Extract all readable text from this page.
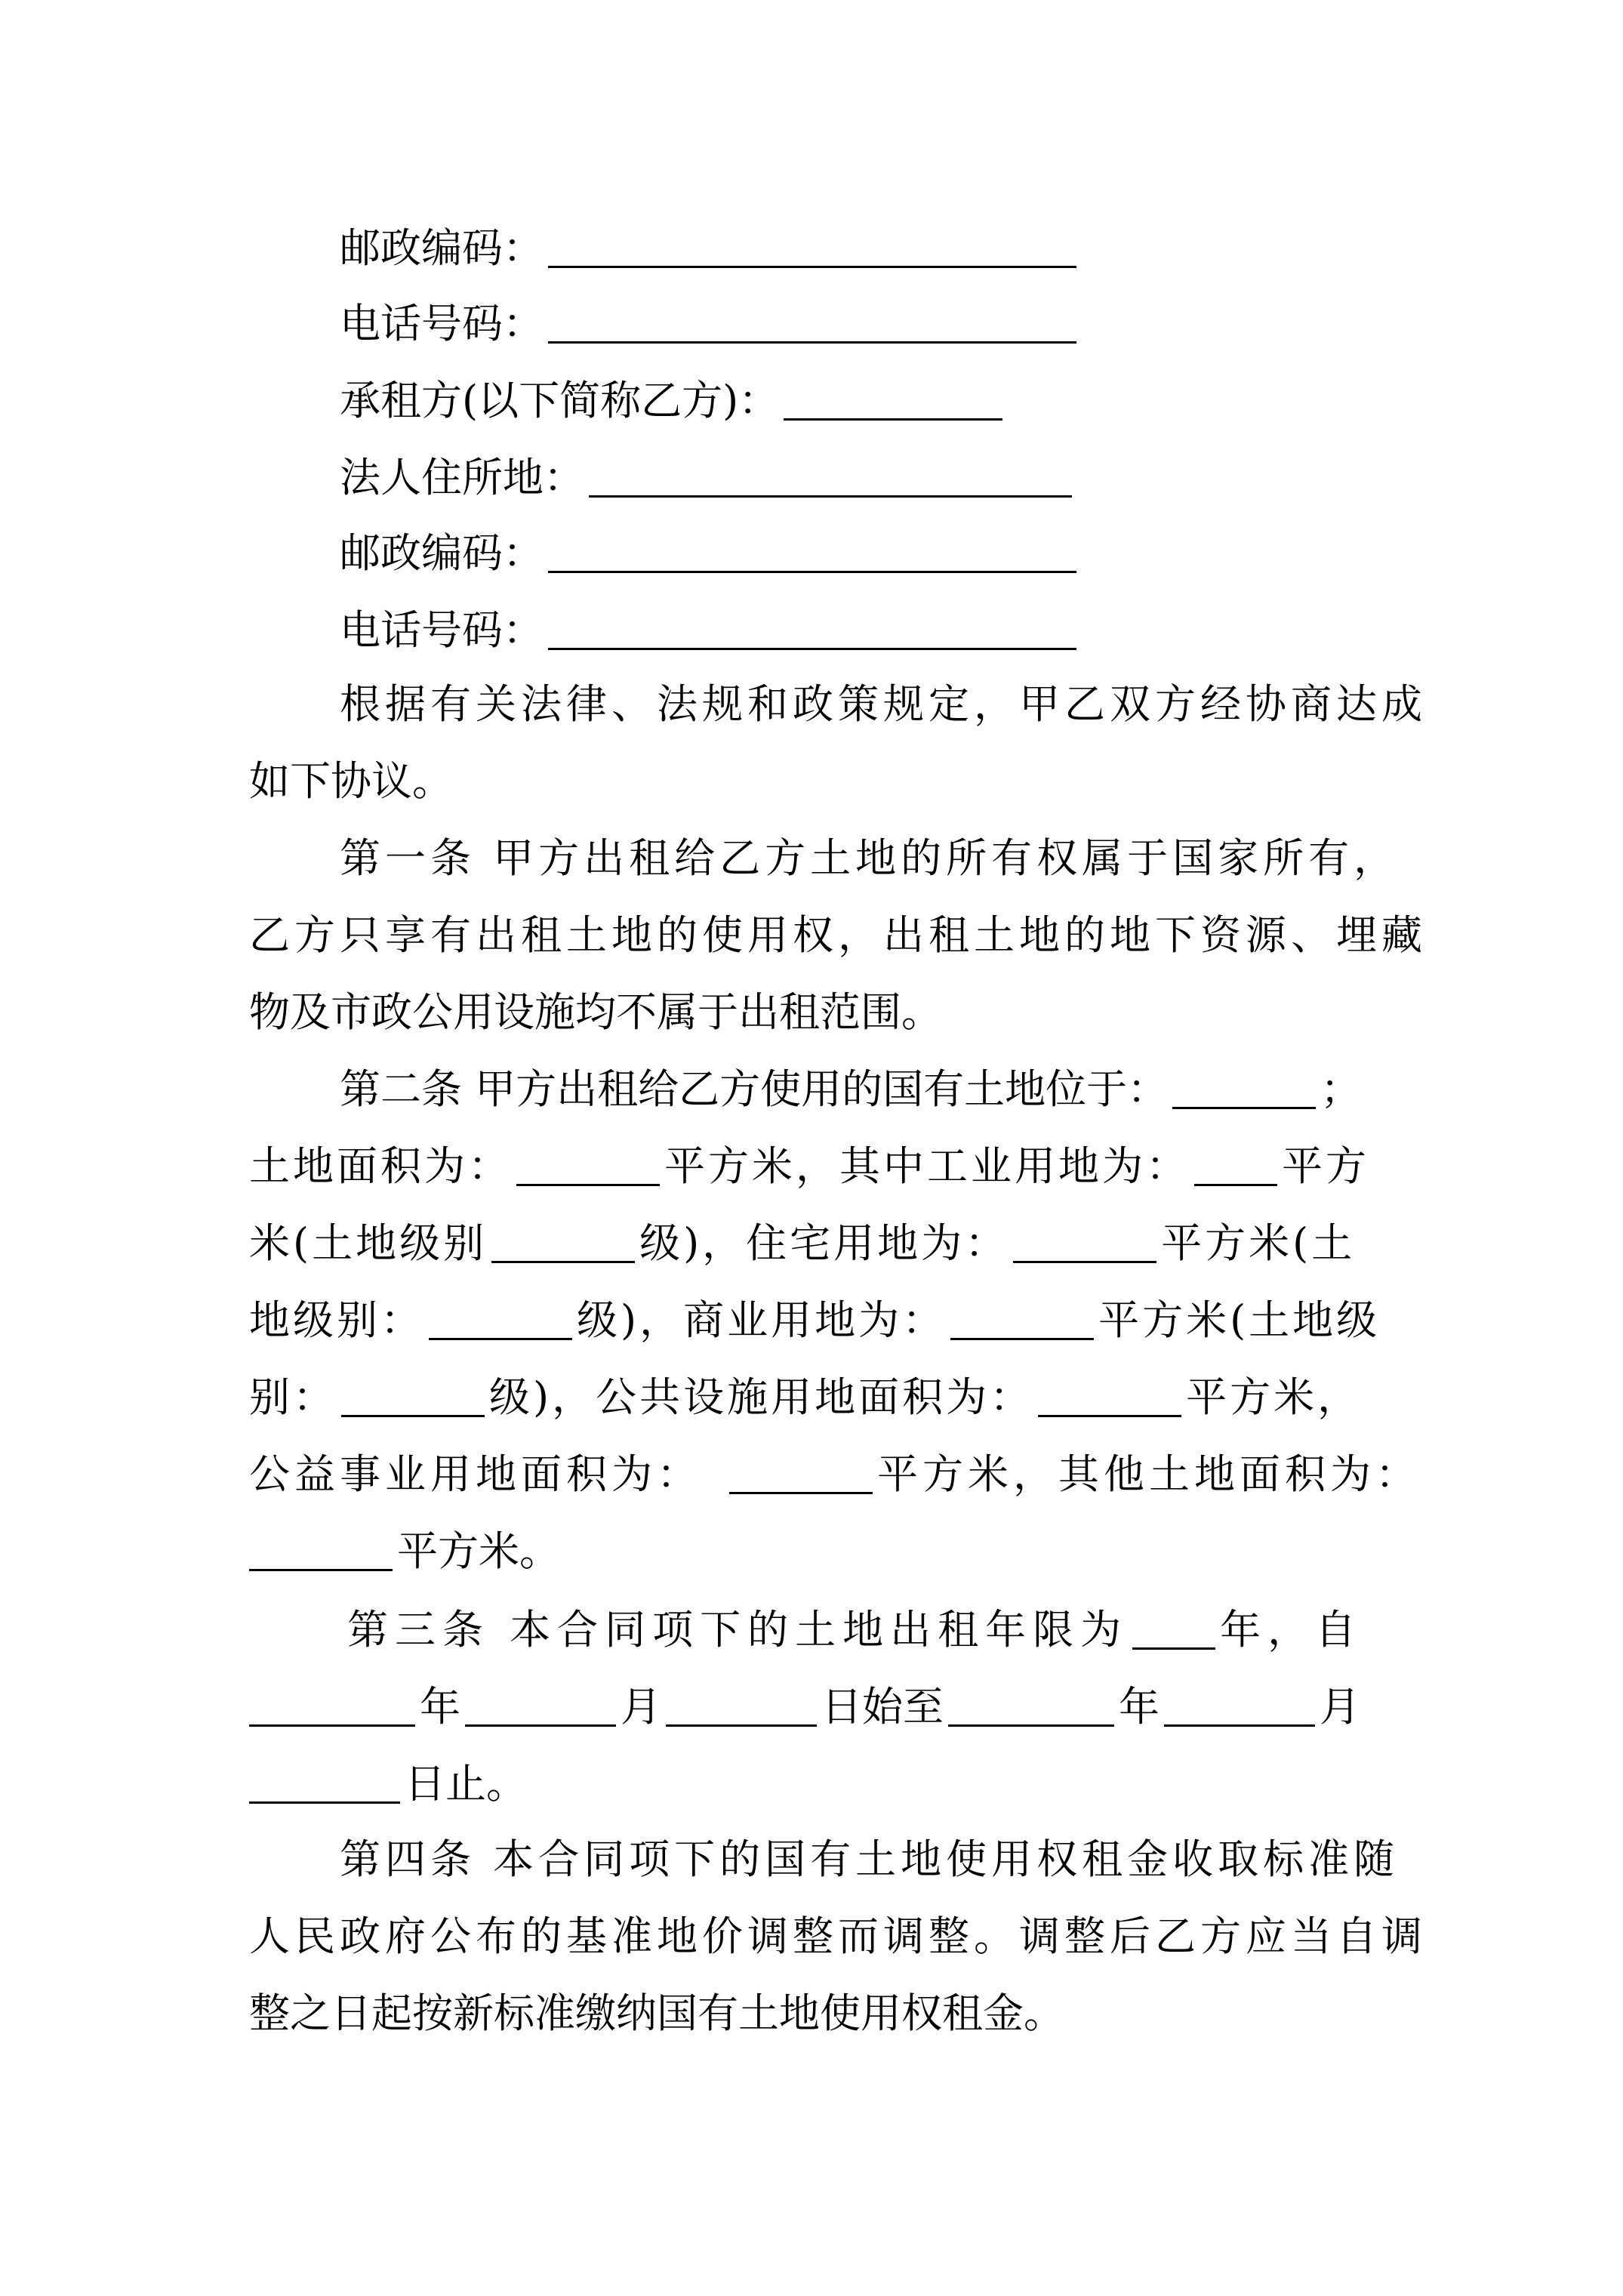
邮政编码：
电话号码：
承租方(以下简称乙方)：
法人住所地：
邮政编码：
电话号码：
根据有关法律、法规和政策规定，甲乙双方经协商达成
如下协议。
第一条 甲方出租给乙方土地的所有权属于国家所有，
乙方只享有出租土地的使用权，出租土地的地下资源、埋藏
物及市政公用设施均不属于出租范围。
第二条 甲方出租给乙方使用的国有土地位于：	；
土地面积为：	平方米，其中工业用地为： 平方
米(土地级别	级)，住宅用地为：	平方米(土
地级别：	级)，商业用地为：	平方米(土地级
别：	级)，公共设施用地面积为：	平方米，
公益事业用地面积为：	平方米，其他土地面积为：
平方米。
第三条 本合同项下的土地出租年限为 年，自
年	月	日始至	年	月
日止。
第四条 本合同项下的国有土地使用权租金收取标准随
人民政府公布的基准地价调整而调整。调整后乙方应当自调
整之日起按新标准缴纳国有土地使用权租金。
